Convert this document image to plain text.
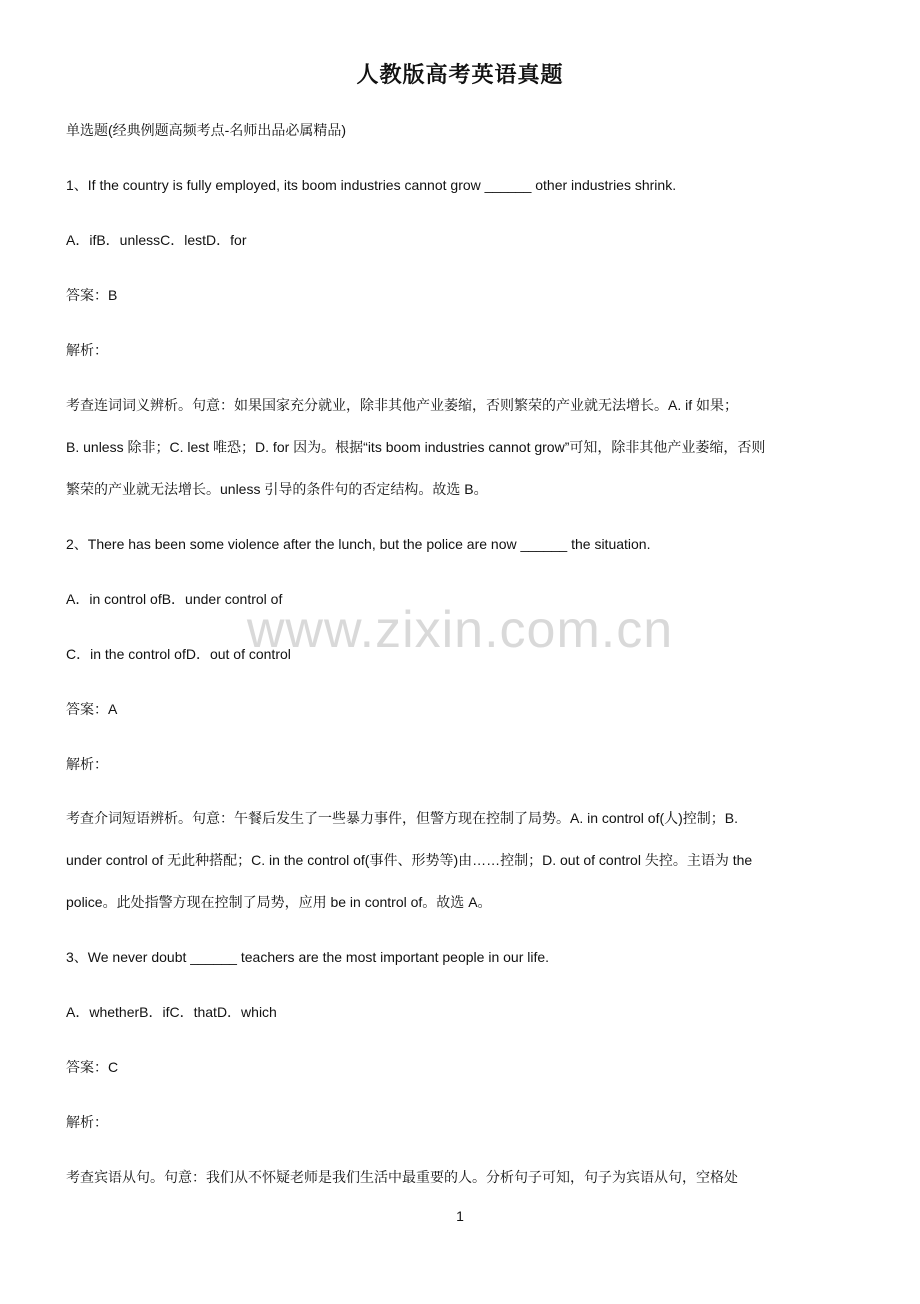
人教版高考英语真题
单选题(经典例题高频考点-名师出品必属精品)
1、If the country is fully employed, its boom industries cannot grow ______ other industries shrink.
A．ifB．unlessC．lestD．for
答案：B
解析：
考查连词词义辨析。句意：如果国家充分就业，除非其他产业萎缩，否则繁荣的产业就无法增长。A. if 如果；
B. unless 除非；C. lest 唯恐；D. for 因为。根据“its boom industries cannot grow”可知，除非其他产业萎缩，否则
繁荣的产业就无法增长。unless 引导的条件句的否定结构。故选 B。
2、There has been some violence after the lunch, but the police are now ______ the situation.
A．in control ofB．under control of
C．in the control ofD．out of control
答案：A
解析：
考查介词短语辨析。句意：午餐后发生了一些暴力事件，但警方现在控制了局势。A. in control of(人)控制；B.
under control of 无此种搭配；C. in the control of(事件、形势等)由……控制；D. out of control 失控。主语为 the
police。此处指警方现在控制了局势，应用 be in control of。故选 A。
3、We never doubt ______ teachers are the most important people in our life.
A．whetherB．ifC．thatD．which
答案：C
解析：
考查宾语从句。句意：我们从不怀疑老师是我们生活中最重要的人。分析句子可知，句子为宾语从句，空格处
www.zixin.com.cn
1
